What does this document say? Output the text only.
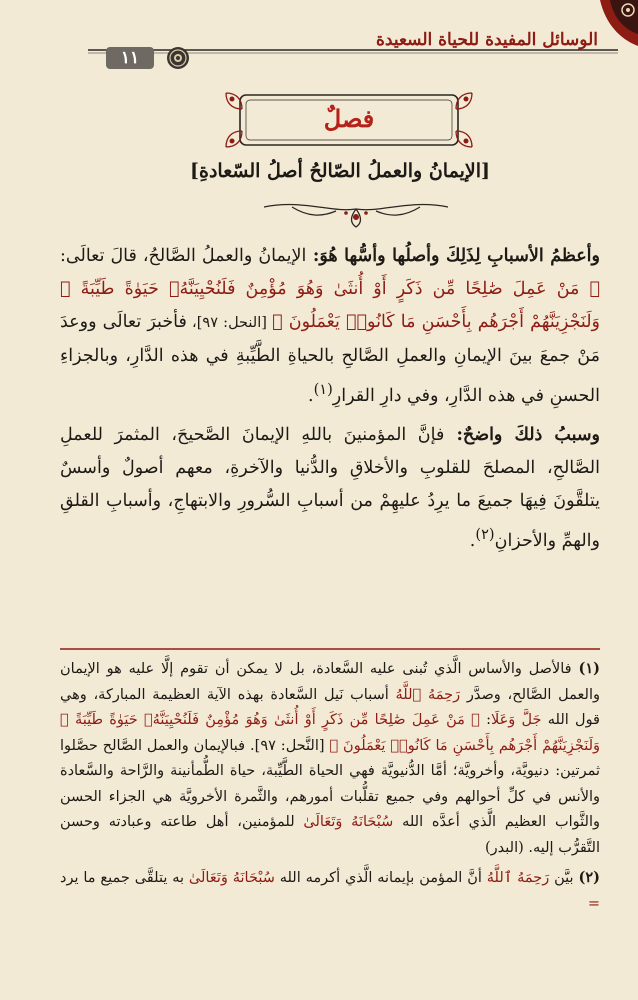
الوسائل المفيدة للحياة السعيدة
١١
فصلٌ
[الإيمانُ والعملُ الصّالحُ أصلُ السّعادةِ]

وأعظمُ الأسبابِ لِذَلِكَ وأصلُها وأسُّها هُوَ: الإيمانُ والعملُ الصَّالحُ، قالَ تعالَى: ﴿ مَنْ عَمِلَ صَٰلِحًا مِّن ذَكَرٍ أَوْ أُنثَىٰ وَهُوَ مُؤْمِنٌ فَلَنُحْيِيَنَّهُۥ حَيَوٰةً طَيِّبَةً ۖ وَلَنَجْزِيَنَّهُمْ أَجْرَهُم بِأَحْسَنِ مَا كَانُوا۟ يَعْمَلُونَ ﴾ [النحل: ٩٧]، فأخبرَ تعالَى ووعدَ مَنْ جمعَ بينَ الإيمانِ والعملِ الصَّالحِ بالحياةِ الطَّيِّبةِ في هذه الدَّارِ، وبالجزاءِ الحسنِ في هذه الدَّارِ، وفي دارِ القرارِ$^{(١)}$.

وسببُ ذلكَ واضحٌ: فإنَّ المؤمنينَ باللهِ الإيمانَ الصَّحيحَ، المثمرَ للعملِ الصَّالحِ، المصلحَ للقلوبِ والأخلاقِ والدُّنيا والآخرةِ، معهم أصولٌ وأسسٌ يتلقَّونَ فِيهَا جميعَ ما يرِدُ عليهِمْ من أسبابِ السُّرورِ والابتهاجِ، وأسبابِ القلقِ والهمِّ والأحزانِ$^{(٢)}$.

(١) فالأصل والأساس الَّذي تُبنى عليه السَّعادة، بل لا يمكن أن تقوم إلَّا عليه هو الإيمان والعمل الصَّالح، وصدَّر رَحِمَهُ ٱللَّهُ أسباب نَيل السَّعادة بهذه الآية العظيمة المباركة، وهي قول الله جَلَّ وَعَلَا: ﴿ مَنْ عَمِلَ صَٰلِحًا مِّن ذَكَرٍ أَوْ أُنثَىٰ وَهُوَ مُؤْمِنٌ فَلَنُحْيِيَنَّهُۥ حَيَوٰةً طَيِّبَةً ۖ وَلَنَجْزِيَنَّهُمْ أَجْرَهُم بِأَحْسَنِ مَا كَانُوا۟ يَعْمَلُونَ ﴾ [النَّحل: ٩٧]. فبالإيمان والعمل الصَّالح حصَّلوا ثمرتين: دنيويَّة، وأخرويَّة؛ أمَّا الدُّنيويَّة فهي الحياة الطَّيِّبة، حياة الطُّمأنينة والرَّاحة والسَّعادة والأنس في كلِّ أحوالهم وفي جميع تقلُّبات أمورهم، والثَّمرة الأخرويَّة هي الجزاء الحسن والثَّواب العظيم الَّذي أعدَّه الله سُبْحَانَهُ وَتَعَالَىٰ للمؤمنين، أهل طاعته وعبادته وحسن التَّقرُّب إليه. (البدر)

(٢) بيَّن رَحِمَهُ ٱللَّهُ أنَّ المؤمن بإيمانه الَّذي أكرمه الله سُبْحَانَهُ وَتَعَالَىٰ به يتلقَّى جميع ما يرد =
